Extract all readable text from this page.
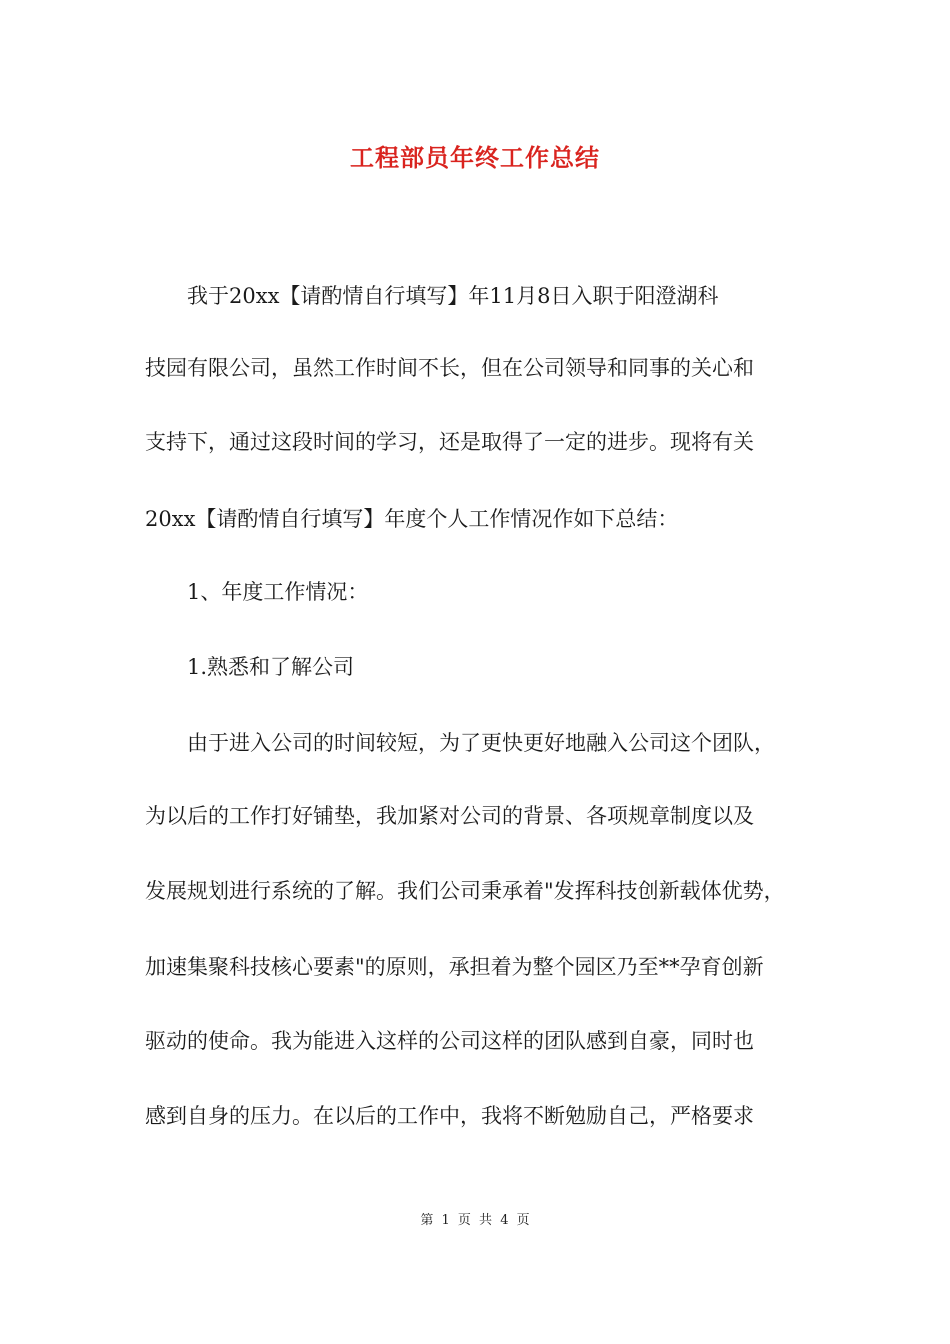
工程部员年终工作总结
　　我于20xx【请酌情自行填写】年11月8日入职于阳澄湖科
技园有限公司，虽然工作时间不长，但在公司领导和同事的关心和
支持下，通过这段时间的学习，还是取得了一定的进步。现将有关
20xx【请酌情自行填写】年度个人工作情况作如下总结：
　　1、年度工作情况：
　　1.熟悉和了解公司
　　由于进入公司的时间较短，为了更快更好地融入公司这个团队，
为以后的工作打好铺垫，我加紧对公司的背景、各项规章制度以及
发展规划进行系统的了解。我们公司秉承着"发挥科技创新载体优势，
加速集聚科技核心要素"的原则，承担着为整个园区乃至**孕育创新
驱动的使命。我为能进入这样的公司这样的团队感到自豪，同时也
感到自身的压力。在以后的工作中，我将不断勉励自己，严格要求
第 1 页 共 4 页
